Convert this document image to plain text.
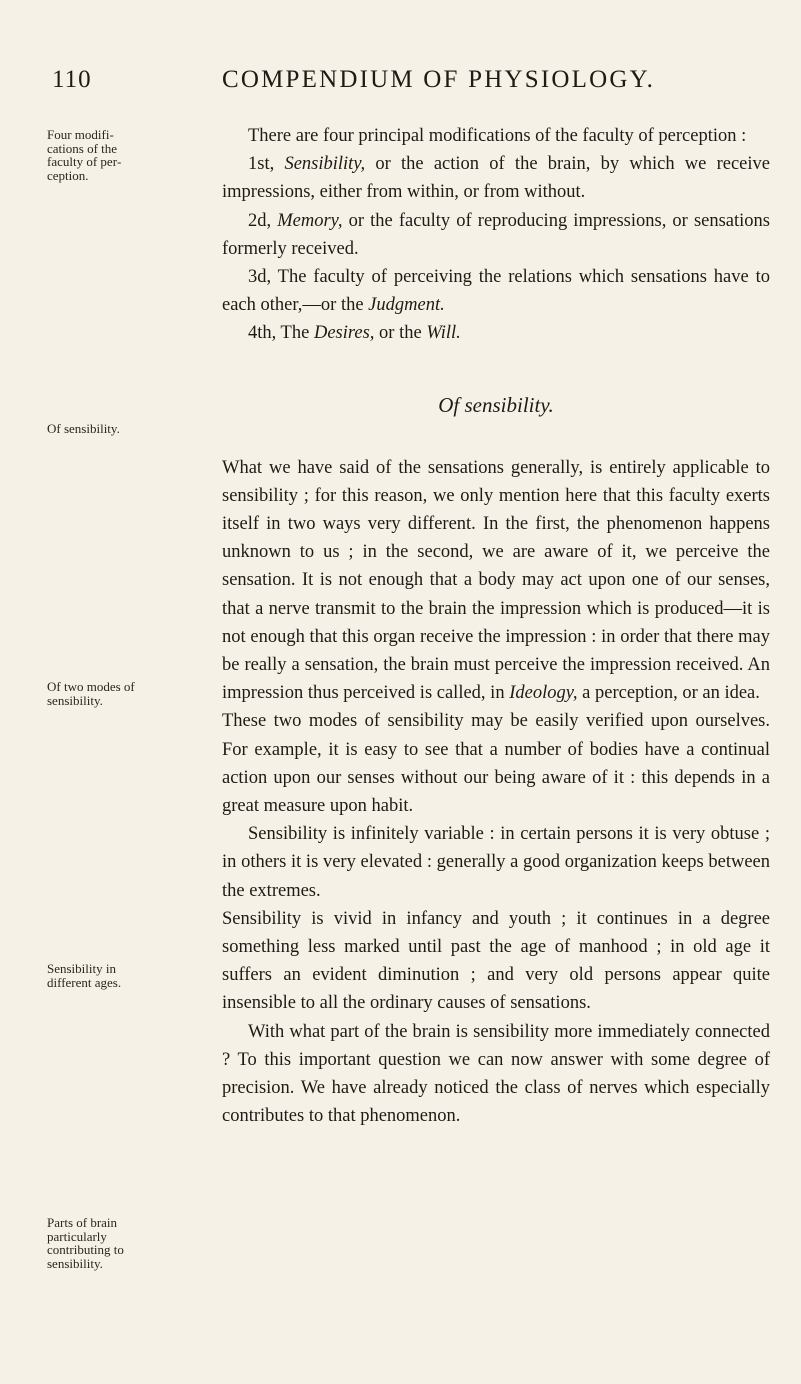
110	COMPENDIUM OF PHYSIOLOGY.
Four modifications of the faculty of perception.
Of sensibility.
Of two modes of sensibility.
Sensibility in different ages.
Parts of brain particularly contributing to sensibility.

There are four principal modifications of the faculty of perception :

1st, Sensibility, or the action of the brain, by which we receive impressions, either from within, or from without.

2d, Memory, or the faculty of reproducing impressions, or sensations formerly received.

3d, The faculty of perceiving the relations which sensations have to each other,—or the Judgment.

4th, The Desires, or the Will.

Of sensibility.

What we have said of the sensations generally, is entirely applicable to sensibility ; for this reason, we only mention here that this faculty exerts itself in two ways very different. In the first, the phenomenon happens unknown to us ; in the second, we are aware of it, we perceive the sensation. It is not enough that a body may act upon one of our senses, that a nerve transmit to the brain the impression which is produced—it is not enough that this organ receive the impression : in order that there may be really a sensation, the brain must perceive the impression received. An impression thus perceived is called, in Ideology, a perception, or an idea.

These two modes of sensibility may be easily verified upon ourselves. For example, it is easy to see that a number of bodies have a continual action upon our senses without our being aware of it : this depends in a great measure upon habit.

Sensibility is infinitely variable : in certain persons it is very obtuse ; in others it is very elevated : generally a good organization keeps between the extremes.

Sensibility is vivid in infancy and youth ; it continues in a degree something less marked until past the age of manhood ; in old age it suffers an evident diminution ; and very old persons appear quite insensible to all the ordinary causes of sensations.

With what part of the brain is sensibility more immediately connected ? To this important question we can now answer with some degree of precision. We have already noticed the class of nerves which especially contributes to that phenomenon.
